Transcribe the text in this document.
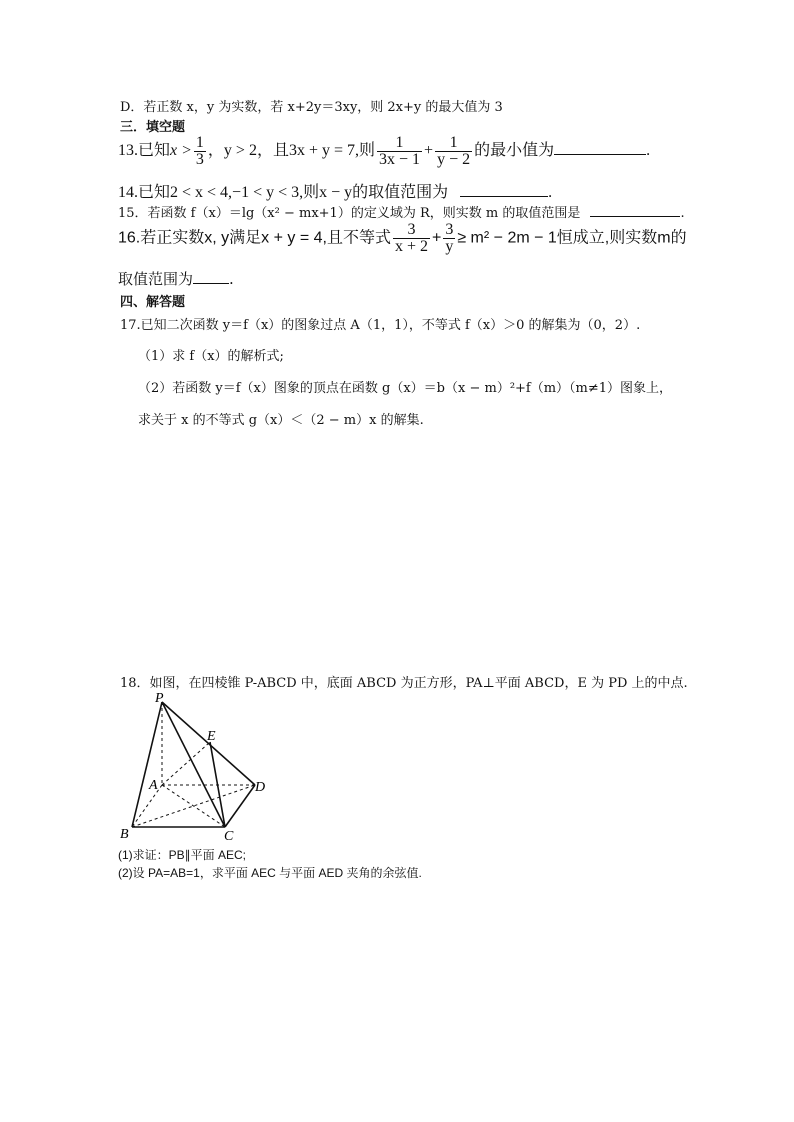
D．若正数 x，y 为实数，若 x+2y＝3xy，则 2x+y 的最大值为 3
三．填空题
13.已知$x > \frac{1}{3}$ ，y > 2，且3x + y = 7,则 $\frac{1}{3x - 1} + \frac{1}{y - 2}$ 的最小值为	.
14.已知2 < x < 4,−1 < y < 3,则x − y的取值范围为	.
15．若函数 f（x）＝lg（x² − mx+1）的定义域为 R，则实数 m 的取值范围是	.
16.若正实数x, y满足x + y = 4,且不等式 $\frac{3}{x + 2} + \frac{3}{y} \ge m^2 - 2m - 1$恒成立,则实数m的
取值范围为 .
四、解答题
17.已知二次函数 y＝f（x）的图象过点 A（1，1），不等式 f（x）＞0 的解集为（0，2）.
（1）求 f（x）的解析式;
（2）若函数 y＝f（x）图象的顶点在函数 g（x）＝b（x − m）²+f（m）（m≠1）图象上，
求关于 x 的不等式 g（x）＜（2 − m）x 的解集.
18．如图，在四棱锥 P-ABCD 中，底面 ABCD 为正方形，PA⊥平面 ABCD，E 为 PD 上的中点.
P
E
A	D
B	C
(1)求证：PB∥平面 AEC;
(2)设 PA=AB=1，求平面 AEC 与平面 AED 夹角的余弦值.
